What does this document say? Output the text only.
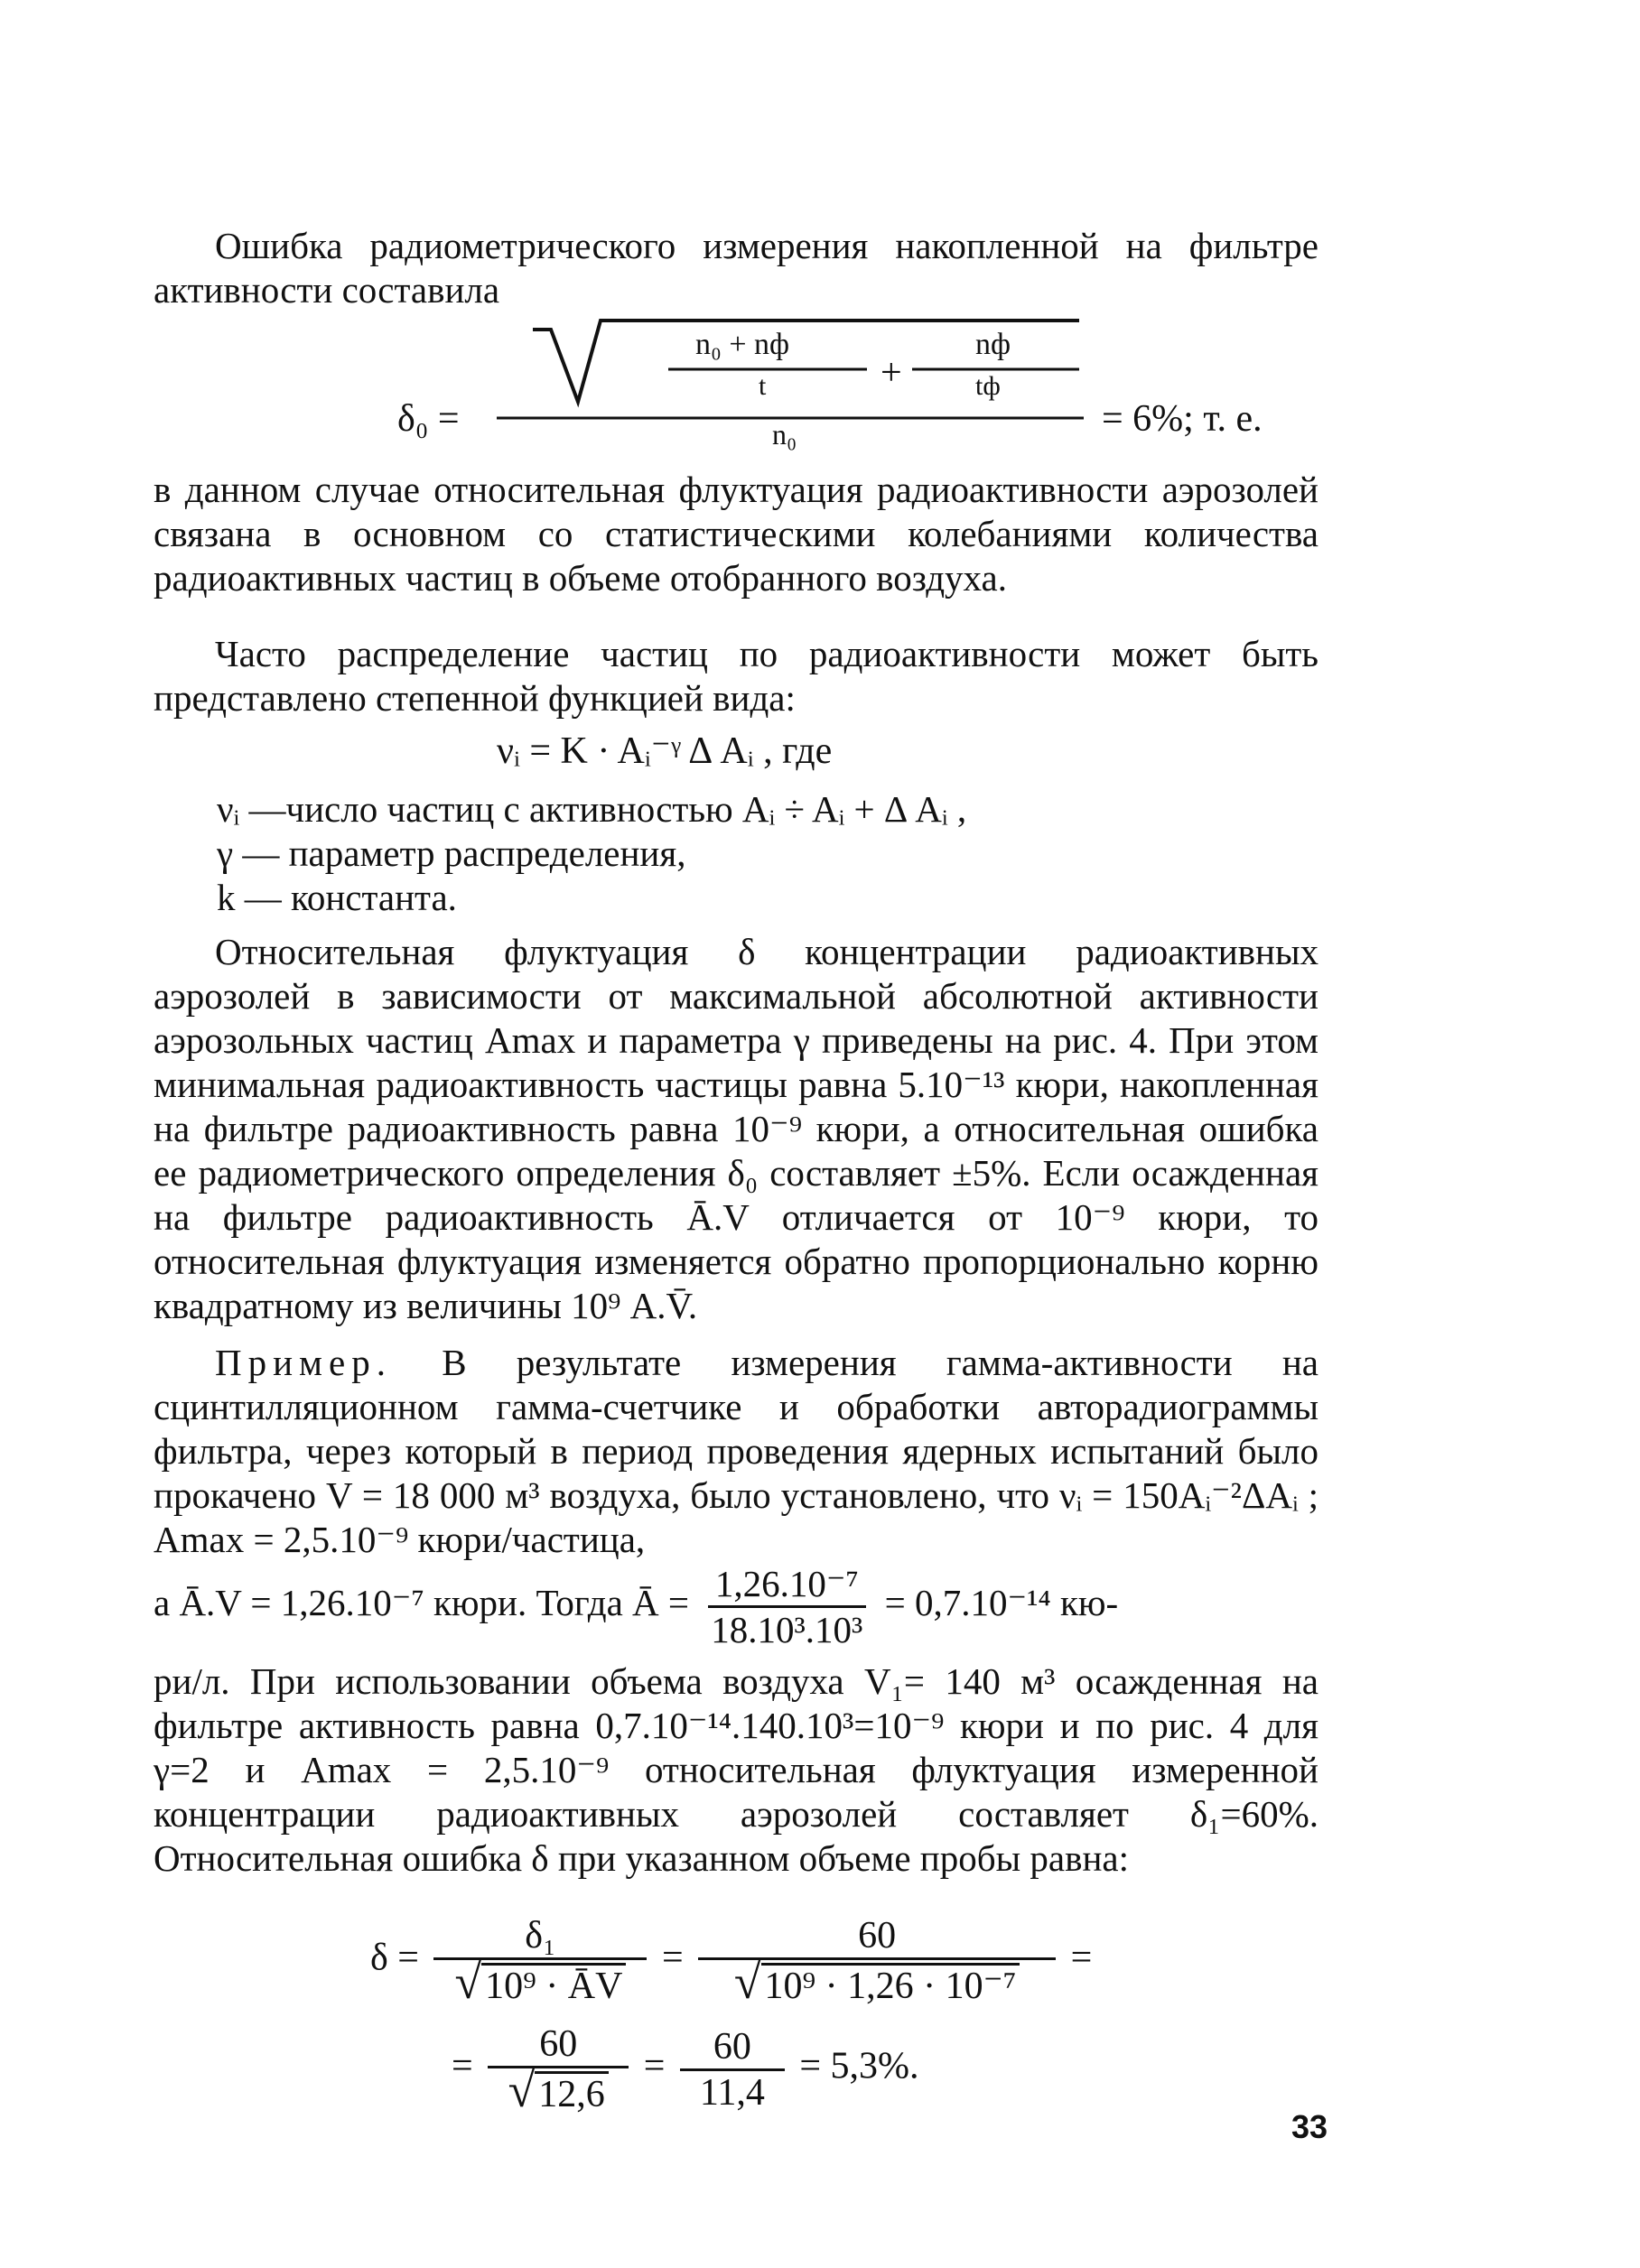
Ошибка радиометрического измерения накопленной на фильтре активности составила

δ₀ =
n₀ + nф
t	+
nф
tф
n₀	= 6%; т. е.

в данном случае относительная флуктуация радиоактивности аэрозолей связана в основном со статистическими колебаниями количества радиоактивных частиц в объеме отобранного воздуха.

Часто распределение частиц по радиоактивности может быть представлено степенной функцией вида:

νᵢ = K · Aᵢ⁻ᵞ Δ Aᵢ , где

νᵢ —число частиц с активностью Aᵢ ÷ Aᵢ + Δ Aᵢ ,

γ — параметр распределения,

k — константа.

Относительная флуктуация δ концентрации радиоактивных аэрозолей в зависимости от максимальной абсолютной активности аэрозольных частиц Amax и параметра γ приведены на рис. 4. При этом минимальная радиоактивность частицы равна 5.10⁻¹³ кюри, накопленная на фильтре радиоактивность равна 10⁻⁹ кюри, а относительная ошибка ее радиометрического определения δ₀ составляет ±5%. Если осажденная на фильтре радиоактивность Ā.V отличается от 10⁻⁹ кюри, то относительная флуктуация изменяется обратно пропорционально корню квадратному из величины 10⁹ A.V̄.

Пример. В результате измерения гамма-активности на сцинтилляционном гамма-счетчике и обработки авторадиограммы фильтра, через который в период проведения ядерных испытаний было прокачено V = 18 000 м³ воздуха, было установлено, что νᵢ = 150Aᵢ⁻²ΔAᵢ ; Amax = 2,5.10⁻⁹ кюри/частица,

а Ā.V = 1,26.10⁻⁷ кюри. Тогда Ā = $\frac{\text{1,26.10⁻⁷}}{\text{18.10³.10³}} = 0,7.10^{-14}$ кю-

ри/л. При использовании объема воздуха V₁= 140 м³ осажденная на фильтре активность равна 0,7.10⁻¹⁴.140.10³=10⁻⁹ кюри и по рис. 4 для γ=2 и Amax = 2,5.10⁻⁹ относительная флуктуация измеренной концентрации радиоактивных аэрозолей составляет δ₁=60%. Относительная ошибка δ при указанном объеме пробы равна:

$\delta = \frac{\text{δ₁}}{\text{√10⁹ · ĀV}} = \frac{60}{\text{√10⁹ · 1,26 · 10⁻⁷}}$ =
= $\frac{60}{√12,6} = \frac{60}{11,4} = 5,3\%$.
33
